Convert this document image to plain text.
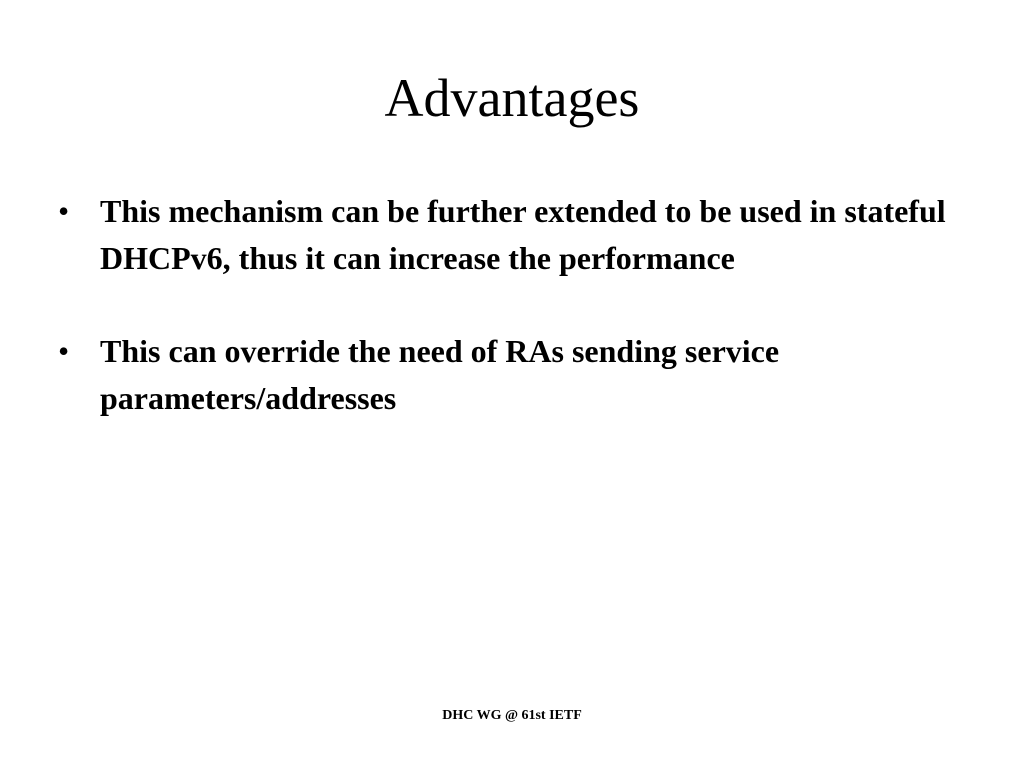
Advantages
• This mechanism can be further extended to be used in stateful DHCPv6, thus it can increase the performance
• This can override the need of RAs sending service parameters/addresses
DHC WG @ 61st IETF
